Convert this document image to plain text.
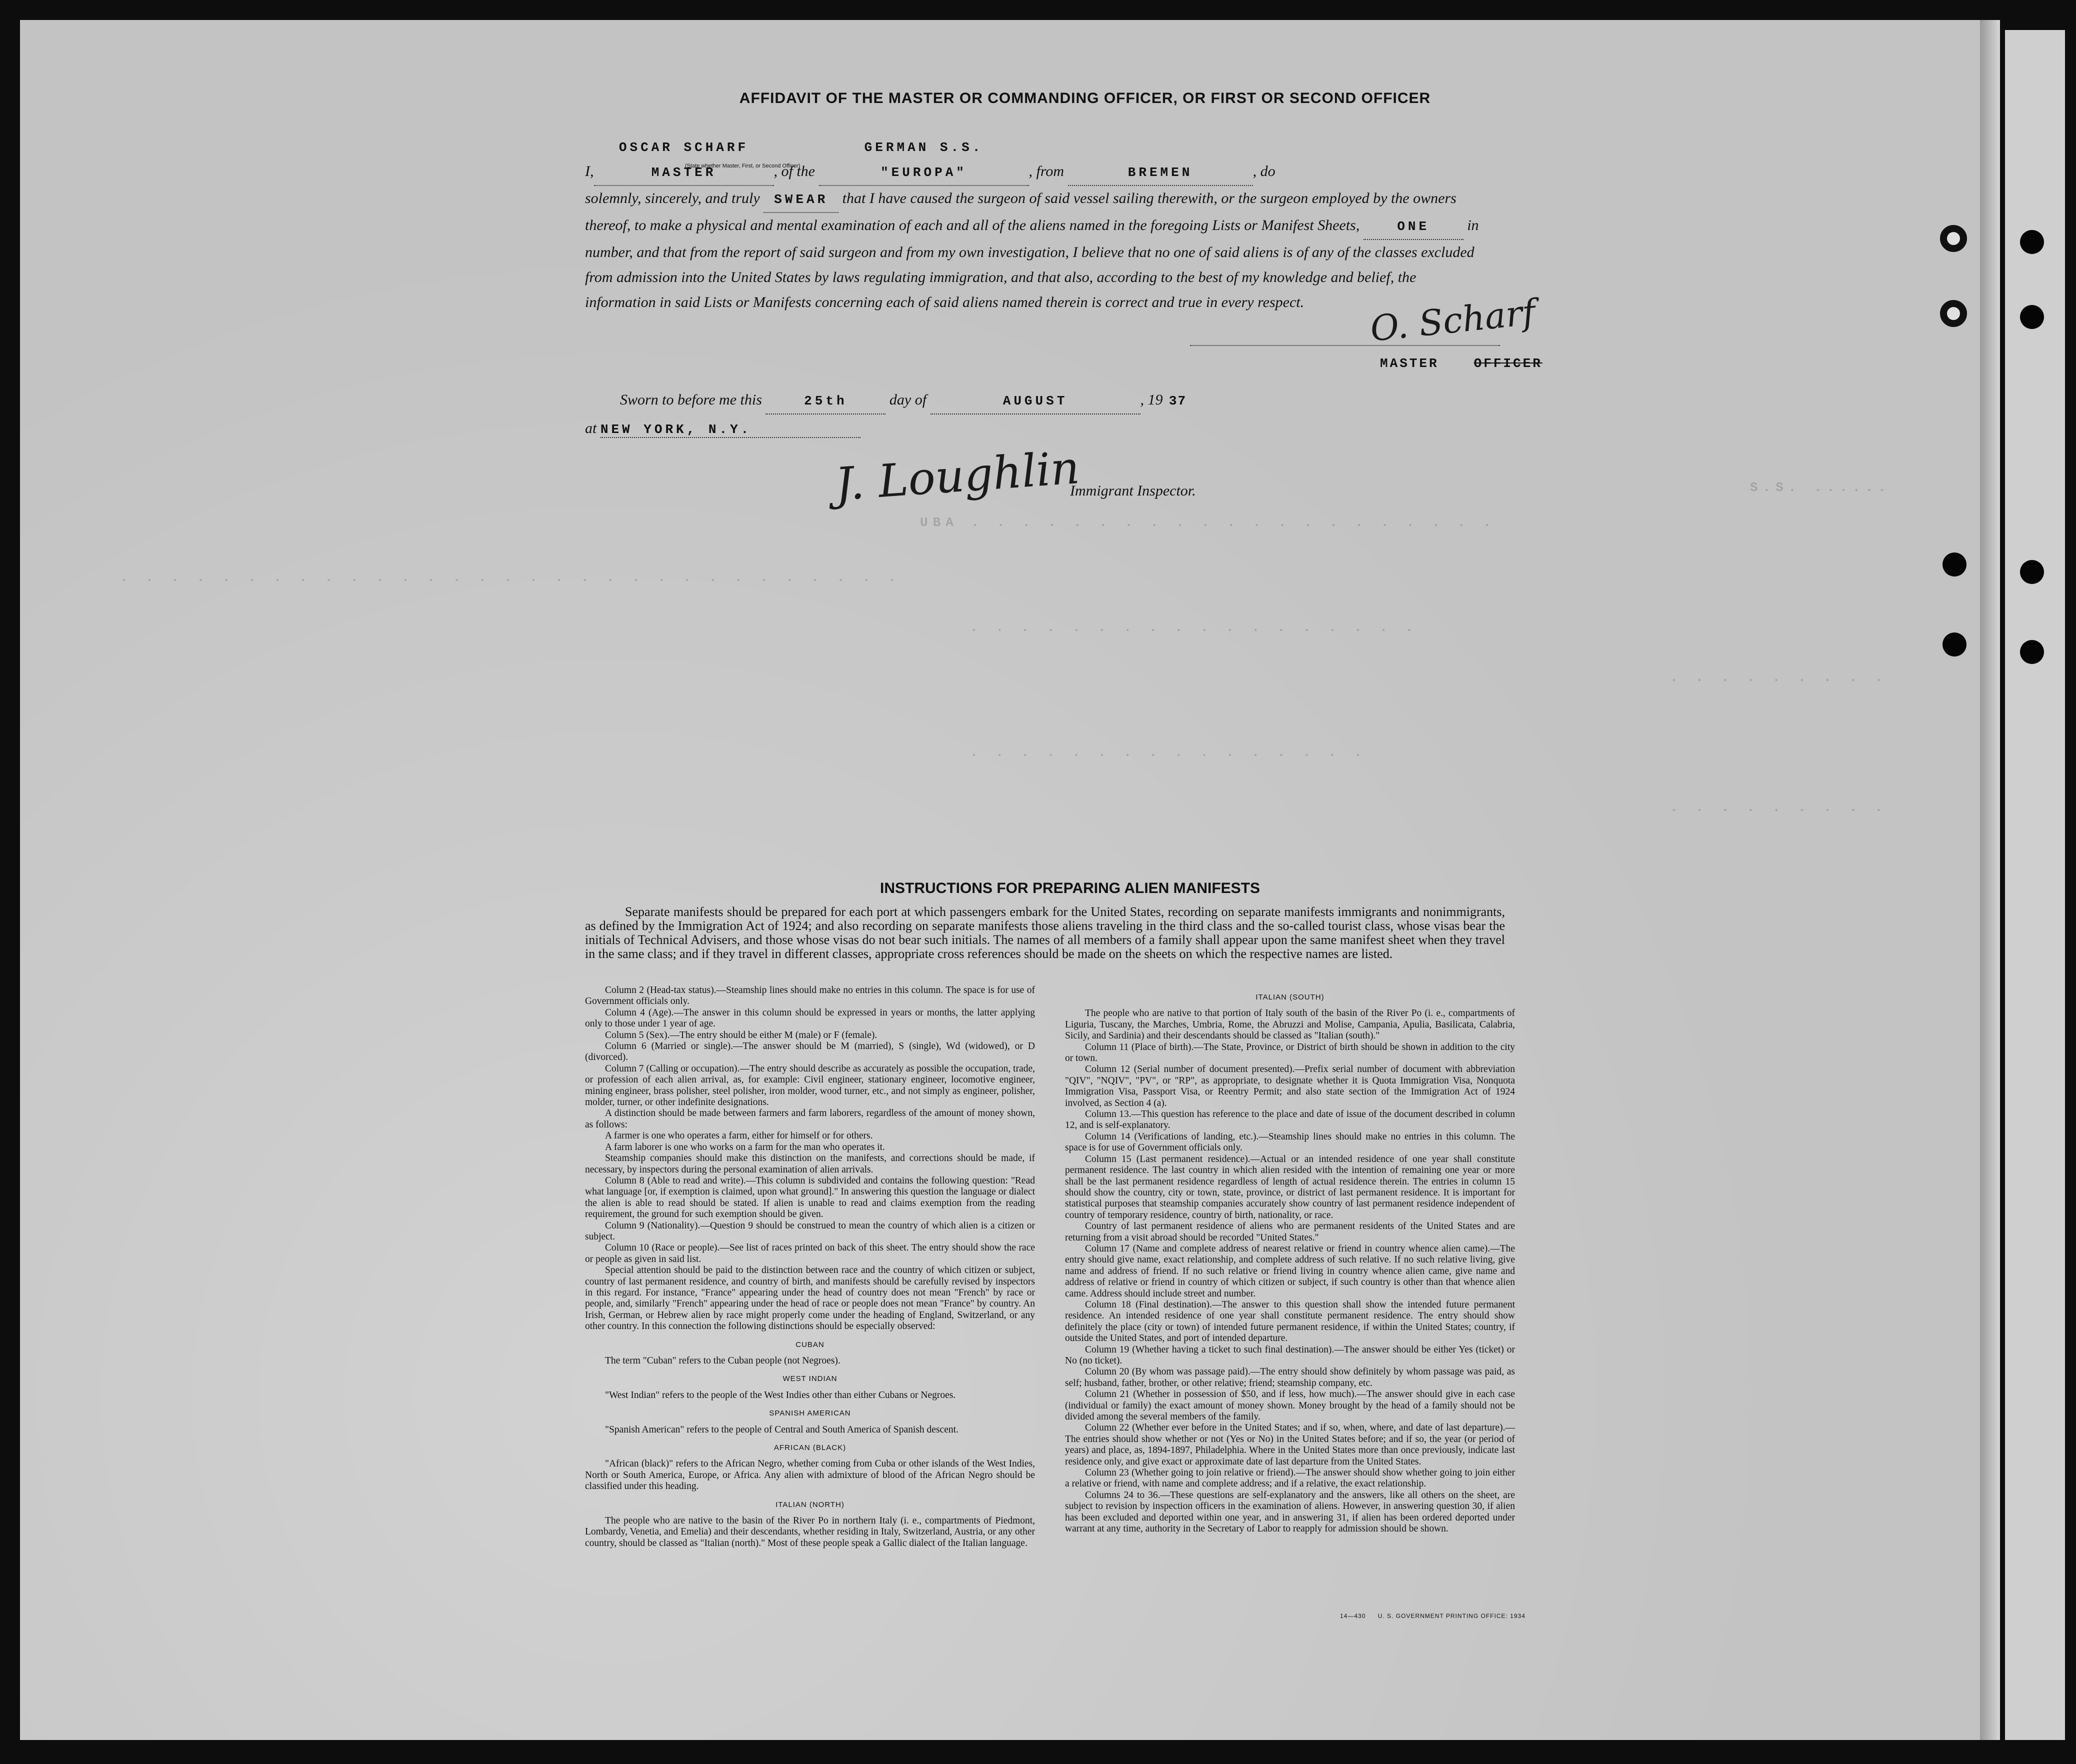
S.S. ......
UBA . . . . . . . . . . . . . . . . . . . . .
. . . . . . . . . . . . . . . . . . . . . . . . . . . . . . .
. . . . . . . . . . . . . . . . . .
. . . . . . . . . . . . . . . .
. . . . . . . . .
. . . . . . . . .
AFFIDAVIT OF THE MASTER OR COMMANDING OFFICER, OR FIRST OR SECOND OFFICER
I,OSCAR SCHARF MASTER	, of the GERMAN S.S. "EUROPA"	, from	BREMEN	, do
solemnly, sincerely, and truly SWEAR that I have caused the surgeon of said vessel sailing therewith, or the surgeon employed by the owners thereof, to make a physical and mental examination of each and all of the aliens named in the foregoing Lists or Manifest Sheets,	ONE	in number, and that from the report of said surgeon and from my own investigation, I believe that no one of said aliens is of any of the classes excluded from admission into the United States by laws regulating immigration, and that also, according to the best of my knowledge and belief, the information in said Lists or Manifests concerning each of said aliens named therein is correct and true in every respect.
(State whether Master, First, or Second Officer)
O. Scharf
MASTER	OFFICER
Sworn to before me this	25th	day of	AUGUST	, 19 37
at NEW YORK, N.Y.
J. Loughlin
Immigrant Inspector.
INSTRUCTIONS FOR PREPARING ALIEN MANIFESTS
Separate manifests should be prepared for each port at which passengers embark for the United States, recording on separate manifests immigrants and nonimmigrants, as defined by the Immigration Act of 1924; and also recording on separate manifests those aliens traveling in the third class and the so-called tourist class, whose visas bear the initials of Technical Advisers, and those whose visas do not bear such initials. The names of all members of a family shall appear upon the same manifest sheet when they travel in the same class; and if they travel in different classes, appropriate cross references should be made on the sheets on which the respective names are listed.

Column 2 (Head-tax status).—Steamship lines should make no entries in this column. The space is for use of Government officials only.

Column 4 (Age).—The answer in this column should be expressed in years or months, the latter applying only to those under 1 year of age.

Column 5 (Sex).—The entry should be either M (male) or F (female).

Column 6 (Married or single).—The answer should be M (married), S (single), Wd (widowed), or D (divorced).

Column 7 (Calling or occupation).—The entry should describe as accurately as possible the occupation, trade, or profession of each alien arrival, as, for example: Civil engineer, stationary engineer, locomotive engineer, mining engineer, brass polisher, steel polisher, iron molder, wood turner, etc., and not simply as engineer, polisher, molder, turner, or other indefinite designations.

A distinction should be made between farmers and farm laborers, regardless of the amount of money shown, as follows:

A farmer is one who operates a farm, either for himself or for others.

A farm laborer is one who works on a farm for the man who operates it.

Steamship companies should make this distinction on the manifests, and corrections should be made, if necessary, by inspectors during the personal examination of alien arrivals.

Column 8 (Able to read and write).—This column is subdivided and contains the following question: "Read what language [or, if exemption is claimed, upon what ground]." In answering this question the language or dialect the alien is able to read should be stated. If alien is unable to read and claims exemption from the reading requirement, the ground for such exemption should be given.

Column 9 (Nationality).—Question 9 should be construed to mean the country of which alien is a citizen or subject.

Column 10 (Race or people).—See list of races printed on back of this sheet. The entry should show the race or people as given in said list.

Special attention should be paid to the distinction between race and the country of which citizen or subject, country of last permanent residence, and country of birth, and manifests should be carefully revised by inspectors in this regard. For instance, "France" appearing under the head of country does not mean "French" by race or people, and, similarly "French" appearing under the head of race or people does not mean "France" by country. An Irish, German, or Hebrew alien by race might properly come under the heading of England, Switzerland, or any other country. In this connection the following distinctions should be especially observed:

CUBAN

The term "Cuban" refers to the Cuban people (not Negroes).

WEST INDIAN

"West Indian" refers to the people of the West Indies other than either Cubans or Negroes.

SPANISH AMERICAN

"Spanish American" refers to the people of Central and South America of Spanish descent.

AFRICAN (BLACK)

"African (black)" refers to the African Negro, whether coming from Cuba or other islands of the West Indies, North or South America, Europe, or Africa. Any alien with admixture of blood of the African Negro should be classified under this heading.

ITALIAN (NORTH)

The people who are native to the basin of the River Po in northern Italy (i. e., compartments of Piedmont, Lombardy, Venetia, and Emelia) and their descendants, whether residing in Italy, Switzerland, Austria, or any other country, should be classed as "Italian (north)." Most of these people speak a Gallic dialect of the Italian language.

ITALIAN (SOUTH)

The people who are native to that portion of Italy south of the basin of the River Po (i. e., compartments of Liguria, Tuscany, the Marches, Umbria, Rome, the Abruzzi and Molise, Campania, Apulia, Basilicata, Calabria, Sicily, and Sardinia) and their descendants should be classed as "Italian (south)."

Column 11 (Place of birth).—The State, Province, or District of birth should be shown in addition to the city or town.

Column 12 (Serial number of document presented).—Prefix serial number of document with abbreviation "QIV", "NQIV", "PV", or "RP", as appropriate, to designate whether it is Quota Immigration Visa, Nonquota Immigration Visa, Passport Visa, or Reentry Permit; and also state section of the Immigration Act of 1924 involved, as Section 4 (a).

Column 13.—This question has reference to the place and date of issue of the document described in column 12, and is self-explanatory.

Column 14 (Verifications of landing, etc.).—Steamship lines should make no entries in this column. The space is for use of Government officials only.

Column 15 (Last permanent residence).—Actual or an intended residence of one year shall constitute permanent residence. The last country in which alien resided with the intention of remaining one year or more shall be the last permanent residence regardless of length of actual residence therein. The entries in column 15 should show the country, city or town, state, province, or district of last permanent residence. It is important for statistical purposes that steamship companies accurately show country of last permanent residence independent of country of temporary residence, country of birth, nationality, or race.

Country of last permanent residence of aliens who are permanent residents of the United States and are returning from a visit abroad should be recorded "United States."

Column 17 (Name and complete address of nearest relative or friend in country whence alien came).—The entry should give name, exact relationship, and complete address of such relative. If no such relative living, give name and address of friend. If no such relative or friend living in country whence alien came, give name and address of relative or friend in country of which citizen or subject, if such country is other than that whence alien came. Address should include street and number.

Column 18 (Final destination).—The answer to this question shall show the intended future permanent residence. An intended residence of one year shall constitute permanent residence. The entry should show definitely the place (city or town) of intended future permanent residence, if within the United States; country, if outside the United States, and port of intended departure.

Column 19 (Whether having a ticket to such final destination).—The answer should be either Yes (ticket) or No (no ticket).

Column 20 (By whom was passage paid).—The entry should show definitely by whom passage was paid, as self; husband, father, brother, or other relative; friend; steamship company, etc.

Column 21 (Whether in possession of $50, and if less, how much).—The answer should give in each case (individual or family) the exact amount of money shown. Money brought by the head of a family should not be divided among the several members of the family.

Column 22 (Whether ever before in the United States; and if so, when, where, and date of last departure).—The entries should show whether or not (Yes or No) in the United States before; and if so, the year (or period of years) and place, as, 1894-1897, Philadelphia. Where in the United States more than once previously, indicate last residence only, and give exact or approximate date of last departure from the United States.

Column 23 (Whether going to join relative or friend).—The answer should show whether going to join either a relative or friend, with name and complete address; and if a relative, the exact relationship.

Columns 24 to 36.—These questions are self-explanatory and the answers, like all others on the sheet, are subject to revision by inspection officers in the examination of aliens. However, in answering question 30, if alien has been excluded and deported within one year, and in answering 31, if alien has been ordered deported under warrant at any time, authority in the Secretary of Labor to reapply for admission should be shown.

14—430 U. S. GOVERNMENT PRINTING OFFICE: 1934
